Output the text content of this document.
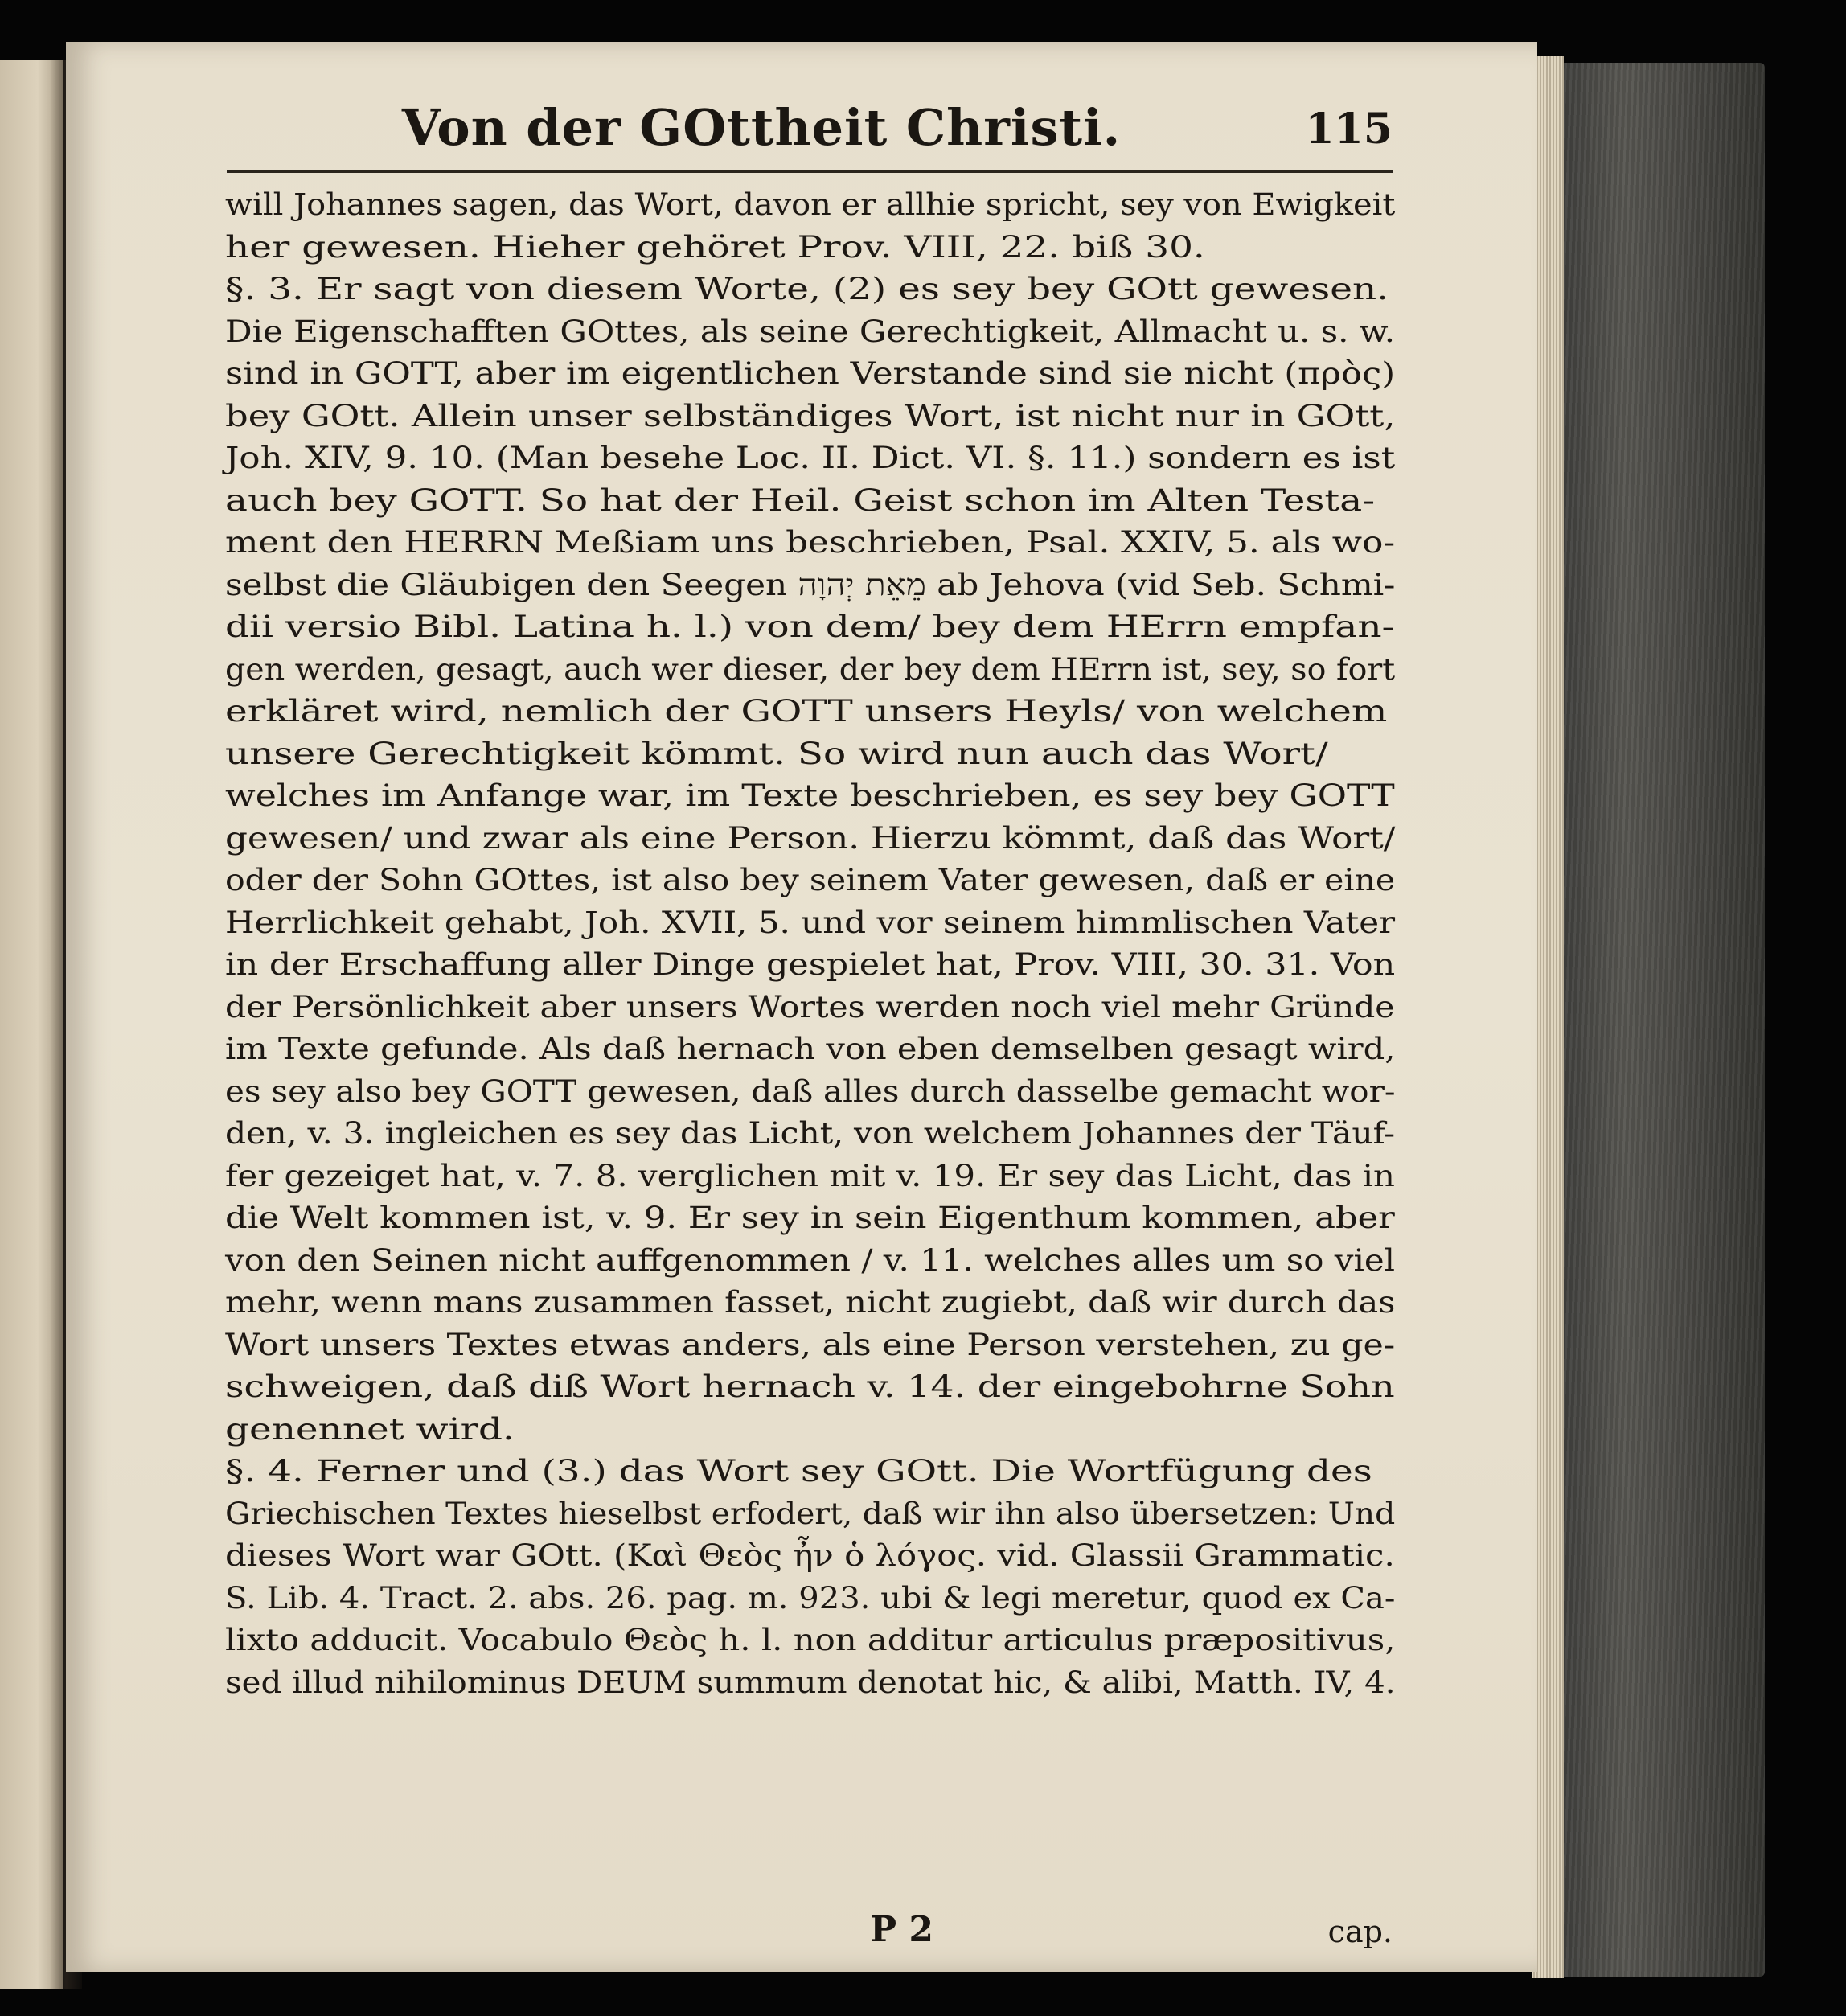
Von der GOttheit Christi.	115
will Johannes sagen, das Wort, davon er allhie spricht, sey von Ewigkeit
her gewesen. Hieher gehöret Prov. VIII, 22. biß 30.
§. 3. Er sagt von diesem Worte, (2) es sey bey GOtt gewesen.
Die Eigenschafften GOttes, als seine Gerechtigkeit, Allmacht u. s. w.
sind in GOTT, aber im eigentlichen Verstande sind sie nicht (πρὸς)
bey GOtt. Allein unser selbständiges Wort, ist nicht nur in GOtt,
Joh. XIV, 9. 10. (Man besehe Loc. II. Dict. VI. §. 11.) sondern es ist
auch bey GOTT. So hat der Heil. Geist schon im Alten Testa-
ment den HERRN Meßiam uns beschrieben, Psal. XXIV, 5. als wo-
selbst die Gläubigen den Seegen מֵאֵת יְהוָה ab Jehova (vid Seb. Schmi-
dii versio Bibl. Latina h. l.) von dem/ bey dem HErrn empfan-
gen werden, gesagt, auch wer dieser, der bey dem HErrn ist, sey, so fort
erkläret wird, nemlich der GOTT unsers Heyls/ von welchem
unsere Gerechtigkeit kömmt. So wird nun auch das Wort/
welches im Anfange war, im Texte beschrieben, es sey bey GOTT
gewesen/ und zwar als eine Person. Hierzu kömmt, daß das Wort/
oder der Sohn GOttes, ist also bey seinem Vater gewesen, daß er eine
Herrlichkeit gehabt, Joh. XVII, 5. und vor seinem himmlischen Vater
in der Erschaffung aller Dinge gespielet hat, Prov. VIII, 30. 31. Von
der Persönlichkeit aber unsers Wortes werden noch viel mehr Gründe
im Texte gefunde. Als daß hernach von eben demselben gesagt wird,
es sey also bey GOTT gewesen, daß alles durch dasselbe gemacht wor-
den, v. 3. ingleichen es sey das Licht, von welchem Johannes der Täuf-
fer gezeiget hat, v. 7. 8. verglichen mit v. 19. Er sey das Licht, das in
die Welt kommen ist, v. 9. Er sey in sein Eigenthum kommen, aber
von den Seinen nicht auffgenommen / v. 11. welches alles um so viel
mehr, wenn mans zusammen fasset, nicht zugiebt, daß wir durch das
Wort unsers Textes etwas anders, als eine Person verstehen, zu ge-
schweigen, daß diß Wort hernach v. 14. der eingebohrne Sohn
genennet wird.
§. 4. Ferner und (3.) das Wort sey GOtt. Die Wortfügung des
Griechischen Textes hieselbst erfodert, daß wir ihn also übersetzen: Und
dieses Wort war GOtt. (Καὶ Θεὸς ἦν ὁ λόγος. vid. Glassii Grammatic.
S. Lib. 4. Tract. 2. abs. 26. pag. m. 923. ubi & legi meretur, quod ex Ca-
lixto adducit. Vocabulo Θεὸς h. l. non additur articulus præpositivus,
sed illud nihilominus DEUM summum denotat hic, & alibi, Matth. IV, 4.
P 2	cap.
